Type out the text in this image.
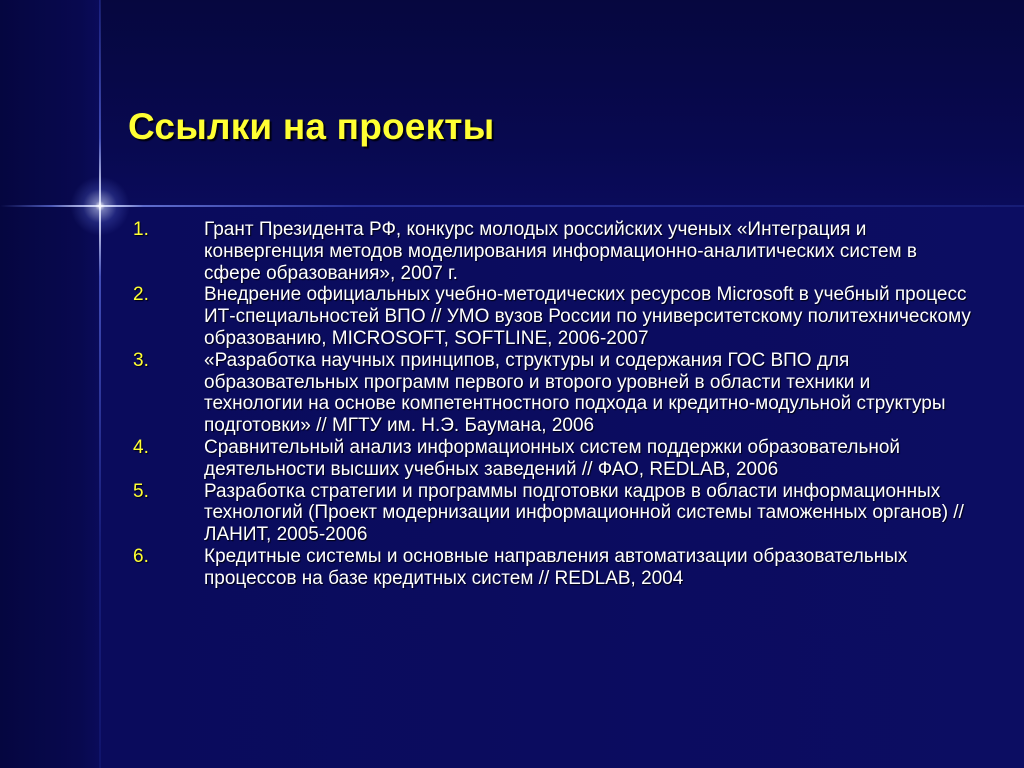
Ссылки на проекты
1.	Грант Президента РФ, конкурс молодых российских ученых «Интеграция и конвергенция методов моделирования информационно-аналитических систем в сфере образования», 2007 г.
2.	Внедрение официальных учебно-методических ресурсов Microsoft в учебный процесс ИТ-специальностей ВПО // УМО вузов России по университетскому политехническому образованию, MICROSOFT, SOFTLINE, 2006-2007
3.	«Разработка научных принципов, структуры и содержания ГОС ВПО для образовательных программ первого и второго уровней в области техники и технологии на основе компетентностного подхода и кредитно-модульной структуры подготовки» // МГТУ им. Н.Э. Баумана, 2006
4.	Сравнительный анализ информационных систем поддержки образовательной деятельности высших учебных заведений // ФАО, REDLAB, 2006
5.	Разработка стратегии и программы подготовки кадров в области информационных технологий (Проект модернизации информационной системы таможенных органов) // ЛАНИТ, 2005-2006
6.	Кредитные системы и основные направления автоматизации образовательных процессов на базе кредитных систем // REDLAB, 2004
